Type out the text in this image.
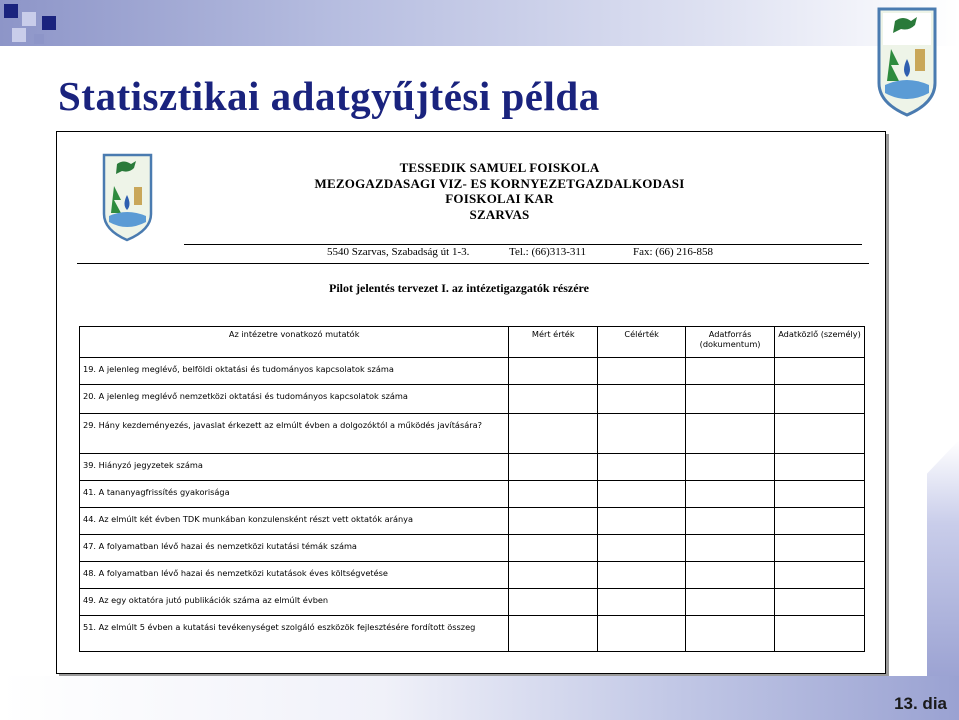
Statisztikai adatgyűjtési példa
TESSEDIK SAMUEL FOISKOLA
MEZOGAZDASAGI VIZ- ES KORNYEZETGAZDALKODASI
FOISKOLAI KAR
SZARVAS
5540 Szarvas, Szabadság út 1-3.	Tel.: (66)313-311	Fax: (66) 216-858
Pilot jelentés tervezet I. az intézetigazgatók részére
Az intézetre vonatkozó mutatók	Mért érték	Célérték	Adatforrás (dokumentum)	Adatközlő (személy)
19. A jelenleg meglévő, belföldi oktatási és tudományos kapcsolatok száma				
20. A jelenleg meglévő nemzetközi oktatási és tudományos kapcsolatok száma				
29. Hány kezdeményezés, javaslat érkezett az elmúlt évben a dolgozóktól a működés javítására?				
39. Hiányzó jegyzetek száma				
41. A tananyagfrissítés gyakorisága				
44. Az elmúlt két évben TDK munkában konzulensként részt vett oktatók aránya				
47. A folyamatban lévő hazai és nemzetközi kutatási témák száma				
48. A folyamatban lévő hazai és nemzetközi kutatások éves költségvetése				
49. Az egy oktatóra jutó publikációk száma az elmúlt évben				
51. Az elmúlt 5 évben a kutatási tevékenységet szolgáló eszközök fejlesztésére fordított összeg				
13. dia
